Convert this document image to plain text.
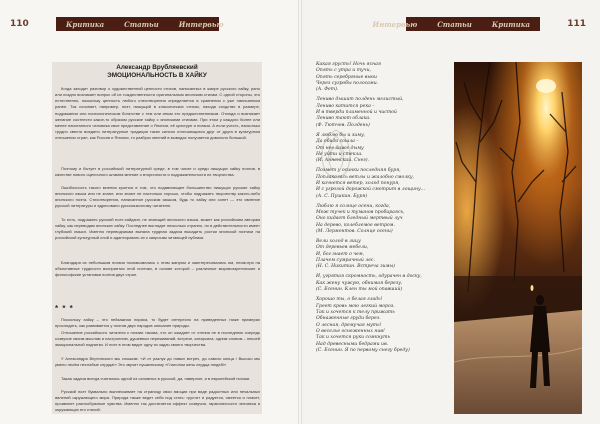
110	Критика	Статьи	Интервью
Александр Врубляевский
ЭМОЦИОНАЛЬНОСТЬ В ХАЙКУ

Когда заходит разговор о художественной ценности стихов, написанных в жанре русского хайку, рано или поздно возникает вопрос об их тождественности оригинальным японским стихам. С одной стороны, это естественно, поскольку ценность любого стихотворения определяется в сравнении с уже написанным ранее. Так сочиняет, например, поэт, пишущий в классических стихах, находя сходство в размере, подражании или психологическом богатстве с тем или иным его предшественником. Отсюда и возникает желание соотнести какое-то образом русские хайку с японскими стихами. При этом у каждого более или менее начитанного человека свое представление о Японии, её культуре и поэзии. А если учесть, насколько трудно свести воедино литературные традиции таких сильно отличающихся друг от друга в культурном отношении стран, как Россия и Япония, то разброс мнений в выводах получается довольно большой.

Поэтому и бытует в российской литературной среде, в том числе и среди пишущих хайку поэтов, в качестве нового оценочного штампа мнение о вторичности и подражательности их творчества.

Ошибочность такого мнения кроется в том, что подавляющее большинство пишущих русские хайку японского языка или не знают, или знают не настолько хорошо, чтобы подражать творчеству какого-либо японского поэта. Стихотворения, написанное русским языком, будь то хайку или сонет — это явление русской литературы и адресовано русскоязычному читателю.

То есть, подражать русский поэт-хайдзин, не знающий японского языка, может как российским авторам хайку, как переводам японских хайку. Последнее выглядит несколько странно, но в действительности имеет глубокий смысл. Именно переводчикам выпала трудная задача высадить ростки японской поэтики на российской культурный слой и адаптировать их к запросам читающей публики.

Благодаря их небольшим поэзии познакомились с этим жанром и заинтересовались им, несмотря на объективные трудности восприятия этой поэтики, в основе которой – различные мировоззренческие и философские установки поэтов двух стран.

* * *

Поскольку хайку – это пейзажная лирика, то будет интересно на приведенных ниже примерах проследить, как развивается у поэтов двух народов описание природы.

Отношение российского читателя к поэзии такова, что он ожидает от чтения не в последнюю очередь созвучие своим мыслям и настроению, душевных переживаний, встрече, катарсиса, одним словом – некоей эмоциональной подпитки. И поэт в этом видит одну из задач своего творчества.

У Александра Вертинского мы слышим: «И от разлук до новых встреч, до самого конца / Высоко мы умело несём неслабые сердца!» Это звучит пушкинскому «Глаголом жечь сердца людей!»

Такая задача всегда считалась одной из основных в русской, да, наверное, и в европейской поэзии.

Русский поэт буквально выплескивает на страницу свои эмоции при виде радостных или печальных явлений окружающего мира. Природа также ведет себя под стать: грустит и радуется, смеется и плачет, проявляет разнообразные чувства. Именно так достигается эффект созвучия, гармоничности человека и окружающих его стихий.

Интервью	Статьи	Критика	111
Какая грусть! Ночь ясная
Опять с утра и тучи,
Опять серебряные вьюи
Через сугробы полосами.
(А. Фет).
Ленивo дышит полдень мглистый,
Ленивo катится река –
И в тверди пламенной и чистой
Ленивo тают облака.
(Ф. Тютчев. Полдень)
Я люблю бы и зиму,
Да обида сошла –
От нее даже дыму
Не уйти и стекла.
(И. Анненский. Снег).
Поэмет у осинки последняя буря,
Поплакалась ветлы и жалобно смолку,
И качнется ветер, холод понуря,
И с угрозой дорожкой смотрит в лощину...
(А. С. Пушкин. Буря)
Люблю я солнце осени, когда,
Меж тучек и туманов пробираясь,
Оно кидает бледный мертвый луч
На дерево, колеблемое ветром.
(М. Лермонтов. Солнце осени)
Вели холод в лицу
От деревьев мебели,
И, бог знает о чем,
Плачем сумрачный лес.
(Н. С. Никитин. Встреча зимы)
И, угрятая скромность, одурачен в доску,
Как жену чужую, обнимая березу.
(С. Есенин. Клен ты мой опавший)
Хорошо ты, о белая гладь!
Греет кровь мою легкий мороз.
Так и хочется к телу прижать
Обнаженные груди берез.
О лесная, дремучая муть!
О веселье оснеженных нив!
Так и хочется руки сомкнуть
Над древесными бедрами ив.
(С. Есенин. Я по первому снегу бреду)
